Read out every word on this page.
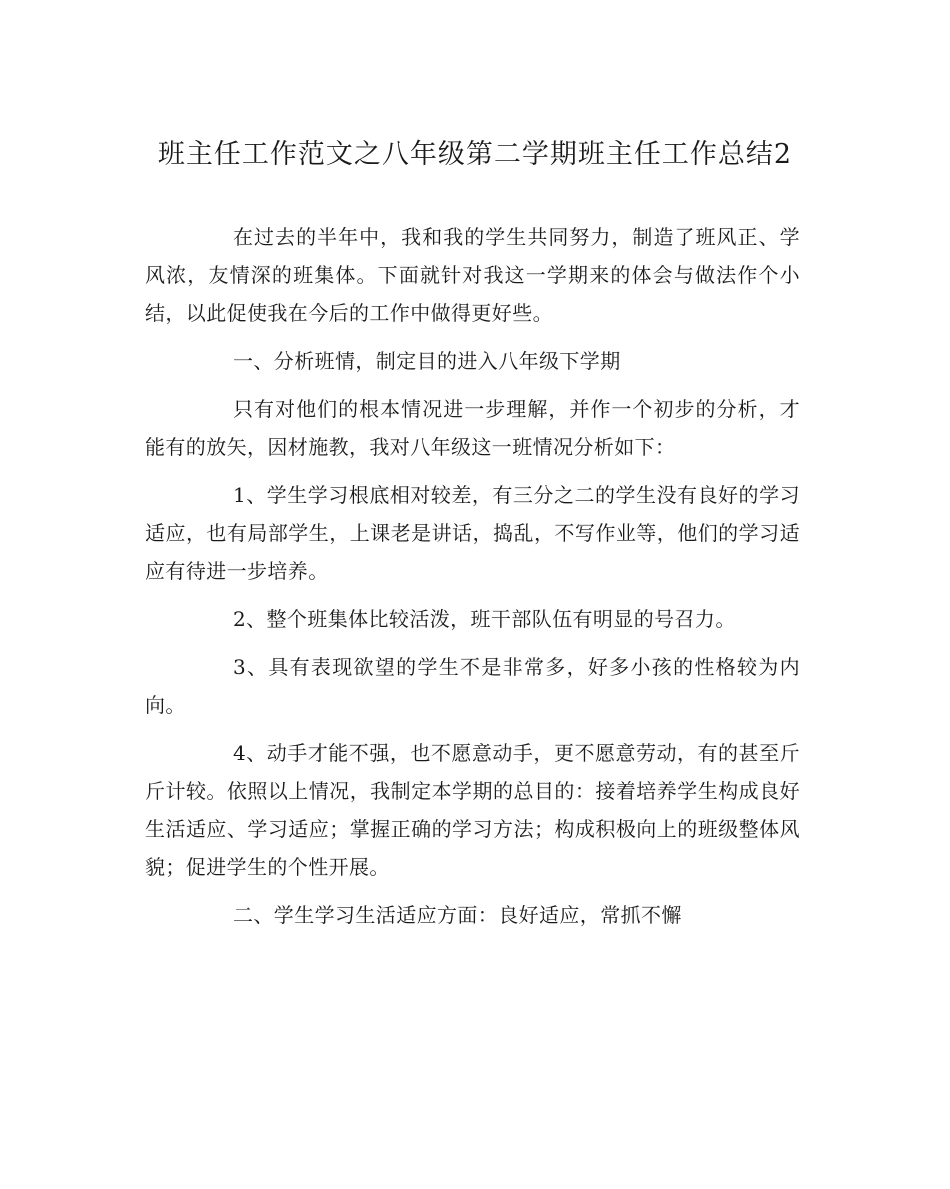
班主任工作范文之八年级第二学期班主任工作总结2

在过去的半年中，我和我的学生共同努力，制造了班风正、学风浓，友情深的班集体。下面就针对我这一学期来的体会与做法作个小结，以此促使我在今后的工作中做得更好些。

一、分析班情，制定目的进入八年级下学期

只有对他们的根本情况进一步理解，并作一个初步的分析，才能有的放矢，因材施教，我对八年级这一班情况分析如下：

1、学生学习根底相对较差，有三分之二的学生没有良好的学习适应，也有局部学生，上课老是讲话，捣乱，不写作业等，他们的学习适应有待进一步培养。

2、整个班集体比较活泼，班干部队伍有明显的号召力。

3、具有表现欲望的学生不是非常多，好多小孩的性格较为内向。

4、动手才能不强，也不愿意动手，更不愿意劳动，有的甚至斤斤计较。依照以上情况，我制定本学期的总目的：接着培养学生构成良好生活适应、学习适应；掌握正确的学习方法；构成积极向上的班级整体风貌；促进学生的个性开展。

二、学生学习生活适应方面：良好适应，常抓不懈
